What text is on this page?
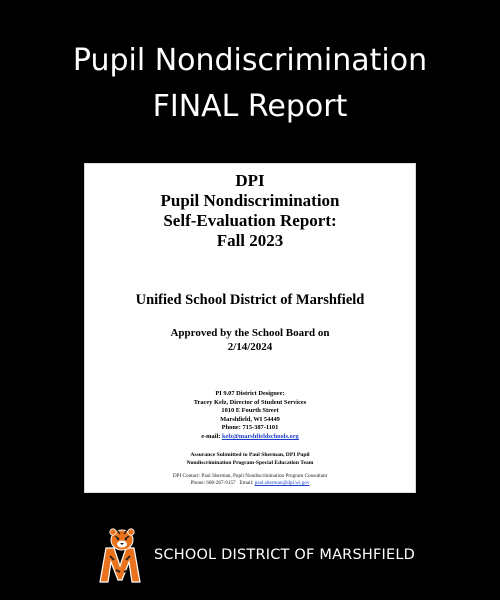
Pupil Nondiscrimination
FINAL Report
DPI
Pupil Nondiscrimination
Self-Evaluation Report:
Fall 2023
Unified School District of Marshfield
Approved by the School Board on
2/14/2024
PI 9.07 District Designee:
Tracey Kelz, Director of Student Services
1010 E Fourth Street
Marshfield, WI 54449
Phone: 715-387-1101
e-mail: kelz@marshfieldschools.org
Assurance Submitted to Paul Sherman, DPI Pupil
Nondiscrimination Program-Special Education Team
DPI Contact: Paul Sherman, Pupil Nondiscrimination Program Consultant
Phone: 608-267-9157 Email: paul.sherman@dpi.wi.gov
SCHOOL DISTRICT OF MARSHFIELD
